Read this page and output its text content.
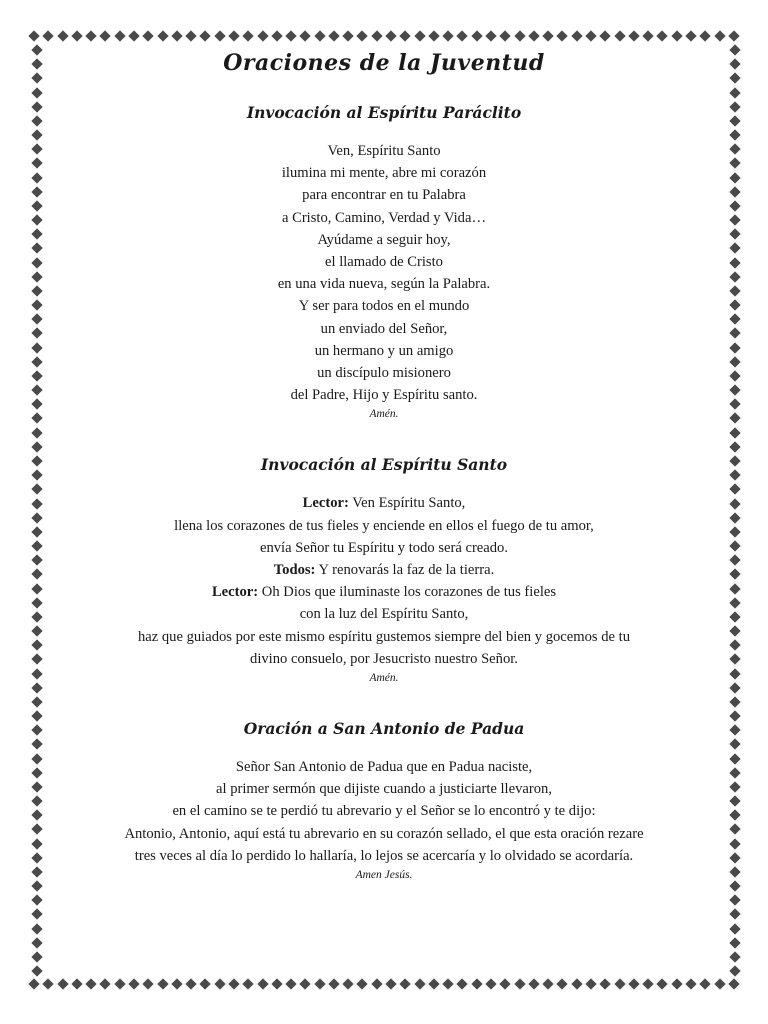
Oraciones de la Juventud
Invocación al Espíritu Paráclito

Ven, Espíritu Santo

ilumina mi mente, abre mi corazón

para encontrar en tu Palabra

a Cristo, Camino, Verdad y Vida…

Ayúdame a seguir hoy,

el llamado de Cristo

en una vida nueva, según la Palabra.

Y ser para todos en el mundo

un enviado del Señor,

un hermano y un amigo

un discípulo misionero

del Padre, Hijo y Espíritu santo.

Amén.

Invocación al Espíritu Santo

Lector: Ven Espíritu Santo,

llena los corazones de tus fieles y enciende en ellos el fuego de tu amor,

envía Señor tu Espíritu y todo será creado.

Todos: Y renovarás la faz de la tierra.

Lector: Oh Dios que iluminaste los corazones de tus fieles

con la luz del Espíritu Santo,

haz que guiados por este mismo espíritu gustemos siempre del bien y gocemos de tu

divino consuelo, por Jesucristo nuestro Señor.

Amén.

Oración a San Antonio de Padua

Señor San Antonio de Padua que en Padua naciste,

al primer sermón que dijiste cuando a justiciarte llevaron,

en el camino se te perdió tu abrevario y el Señor se lo encontró y te dijo:

Antonio, Antonio, aquí está tu abrevario en su corazón sellado, el que esta oración rezare

tres veces al día lo perdido lo hallaría, lo lejos se acercaría y lo olvidado se acordaría.

Amen Jesús.
